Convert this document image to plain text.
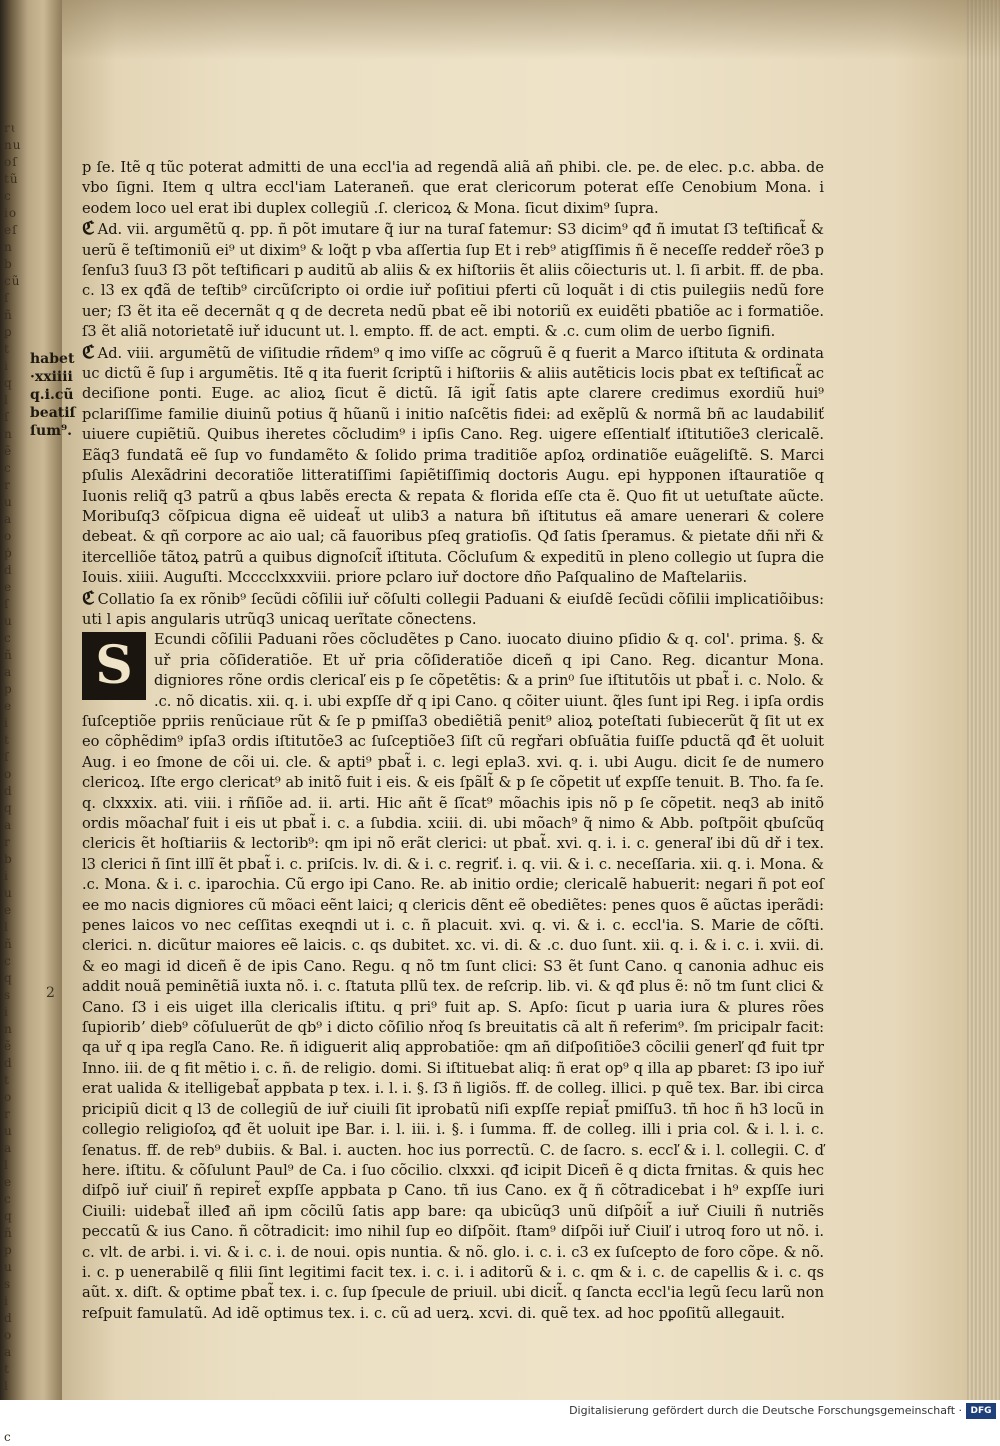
rɩ
nu
oſ
tũ
c
io
eſ
n
b
cũ
ſ
ñ
ꝑ
t
i
q
l
ſ
n
ẽ
c
r
u
a
o
ṗ
d
e
ſ
u
c
ñ
a
p
e
i
t
ſ
o
d
q
a
r
b
i
u
e
l
ñ
c
q
s
i
n
ẽ
d
t
o
r
u
a
l
e
c
q
ñ
p
u
s
i
d
o
a
t
l

c
habet ·xxiiii q.i.cũ beatiſ ſum⁹.
2

p ſe. Itẽ q tũc poterat admitti de una eccl'ia ad regendã aliã añ phibi. cle. pe. de elec. p.c. abba. de vbo ſigni. Item q ultra eccl'iam Lateraneñ. que erat clericorum poterat eſſe Cenobium Mona. i eodem loco uel erat ibi duplex collegiũ .ſ. clericoꝝ & Mona. ſicut dixim⁹ ſupra.

ℭ Ad. vii. argumẽtũ q. pp. ñ põt imutare q̃ iur na turaſ fatemur: S3 dicim⁹ qđ ñ imutat ſ3 teſtificat̃ & uerũ ẽ teſtimoniũ ei⁹ ut dixim⁹ & loq̃t p vba aſſertia ſup Et i reb⁹ atigſſimis ñ ẽ neceſſe reddeř rõe3 p ſenſu3 ſuu3 ſ3 põt teſtificari p auditũ ab aliis & ex hiſtoriis ẽt aliis cõiecturis ut. l. ſi arbit. ff. de pba. c. l3 ex qđã de teſtib⁹ circũſcripto oi ordie iuř poſitiui pferti cũ loquãt i di ctis puilegiis nedũ fore uer; ſ3 ẽt ita eẽ decernãt q q de decreta nedũ pbat eẽ ibi notoriũ ex euidẽti pbatiõe ac i formatiõe. ſ3 ẽt aliã notorietatẽ iuř iducunt ut. l. empto. ff. de act. empti. & .c. cum olim de uerbo ſignifi.

ℭ Ad. viii. argumẽtũ de viſitudie rñdem⁹ q imo viſſe ac cõgruũ ẽ q fuerit a Marco iſtituta & ordinata uc dictũ ẽ ſup i argumẽtis. Itẽ q ita fuerit ſcriptũ i hiſtoriis & aliis autẽticis locis pbat ex teſtificat̃ ac deciſione ponti. Euge. ac alioꝝ ſicut ẽ dictũ. Iã igit̃ ſatis apte clarere credimus exordiũ hui⁹ pclariſſime familie diuinũ potius q̃ hũanũ i initio naſcẽtis fidei: ad exẽplũ & normã bñ ac laudabiliť uiuere cupiẽtiũ. Quibus iheretes cõcludim⁹ i ipſis Cano. Reg. uigere eſſentialť iſtitutiõe3 clericalẽ. Eãq3 fundatã eẽ ſup vo fundamẽto & ſolido prima traditiõe apſoꝝ ordinatiõe euãgeliſtẽ. S. Marci pſulis Alexãdrini decoratiõe litteratiſſimi ſapiẽtiſſimiq doctoris Augu. epi hypponen iſtauratiõe q Iuonis reliq̃ q3 patrũ a qbus labẽs erecta & repata & florida eſſe cta ẽ. Quo fit ut uetuſtate aũcte. Moribuſq3 cõſpicua digna eẽ uideat̃ ut ulib3 a natura bñ iſtitutus eã amare uenerari & colere debeat. & qñ corpore ac aio ual; cã fauoribus pſeq gratioſis. Qđ ſatis ſperamus. & pietate dñi nři & itercelliõe tãtoꝝ patrũ a quibus dignoſcit̃ iſtituta. Cõcluſum & expeditũ in pleno collegio ut ſupra die Iouis. xiiii. Auguſti. Mcccclxxxviii. priore pclaro iuř doctore dño Paſqualino de Maſtelariis.

ℭ Collatio ſa ex rõnib⁹ ſecũdi cõſilii iuř cõſulti collegii Paduani & eiuſdẽ ſecũdi cõſilii implicatiõibus: uti l apis angularis utrũq3 unicaq uerĩtate cõnectens.

S Ecundi cõſilii Paduani rões cõcludẽtes p Cano. iuocato diuino pſidio & q. col'. prima. §. & uř pria cõſideratiõe. Et uř pria cõſideratiõe diceñ q ipi Cano. Reg. dicantur Mona. digniores rõne ordis clericaľ eis p ſe cõpetẽtis: & a prin⁰ ſue iſtitutõis ut pbat̃ i. c. Nolo. & .c. nõ dicatis. xii. q. i. ubi expſſe dř q ipi Cano. q cõiter uiunt. q̃les ſunt ipi Reg. i ipſa ordis ſuſceptiõe ppriis renũciaue rũt & ſe p pmiſſa3 obediẽtiã penit⁹ alioꝝ poteſtati ſubiecerũt q̃ ſit ut ex eo cõphẽdim⁹ ipſa3 ordis iſtitutõe3 ac ſuſceptiõe3 ſiſt cũ regřari obſuãtia fuiſſe pductã qđ ẽt uoluit Aug. i eo ſmone de cõi ui. cle. & apti⁹ pbat̃ i. c. legi epla3. xvi. q. i. ubi Augu. dicit ſe de numero clericoꝝ. Iſte ergo clericat⁹ ab initõ fuit i eis. & eis ſpãlt̃ & p ſe cõpetit uť expſſe tenuit. B. Tho. fa ſe. q. clxxxix. ati. viii. i rñſiõe ad. ii. arti. Hic añt ẽ ſĩcat⁹ mõachis ipis nõ p ſe cõpetit. neq3 ab initõ ordis mõachaľ fuit i eis ut pbat̃ i. c. a ſubdia. xciii. di. ubi mõach⁹ q̃ nimo & Abb. poſtpõit qbuſcũq clericis ẽt hoſtiariis & lectorib⁹: qm ipi nõ erãt clerici: ut pbat̃. xvi. q. i. i. c. generaľ ibi dũ dř i tex. l3 clerici ñ ſint illĩ ẽt pbat̃ i. c. priſcis. lv. di. & i. c. regriť. i. q. vii. & i. c. neceſſaria. xii. q. i. Mona. & .c. Mona. & i. c. iparochia. Cũ ergo ipi Cano. Re. ab initio ordie; clericalẽ habuerit: negari ñ pot eoſ ee mo nacis digniores cũ mõaci eẽnt laici; q clericis dẽnt eẽ obediẽtes: penes quos ẽ aũctas iperãdi: penes laicos vo nec ceſſitas exeqndi ut i. c. ñ placuit. xvi. q. vi. & i. c. eccl'ia. S. Marie de cõſti. clerici. n. dicũtur maiores eẽ laicis. c. qs dubitet. xc. vi. di. & .c. duo ſunt. xii. q. i. & i. c. i. xvii. di. & eo magi id diceñ ẽ de ipis Cano. Regu. q nõ tm ſunt clici: S3 ẽt ſunt Cano. q canonia adhuc eis addit nouã peminẽtiã iuxta nõ. i. c. ſtatuta pllũ tex. de reſcrip. lib. vi. & qđ plus ẽ: nõ tm ſunt clici & Cano. ſ3 i eis uiget illa clericalis iſtitu. q pri⁹ fuit ap. S. Apſo: ſicut p uaria iura & plures rões ſupioribʼ dieb⁹ cõſuluerũt de qb⁹ i dicto cõſilio nřoq ſs breuitatis cã alt ñ referim⁹. ſm pricipalr facit: qa uř q ipa regľa Cano. Re. ñ idiguerit aliq approbatiõe: qm añ diſpoſitiõe3 cõcilii generľ qđ fuit tpr Inno. iii. de q fit mẽtio i. c. ñ. de religio. domi. Si iſtituebat aliq: ñ erat op⁹ q illa ap pbaret: ſ3 ipo iuř erat ualida & itelligebat̃ appbata p tex. i. l. i. §. ſ3 ñ ligiõs. ff. de colleg. illici. p quẽ tex. Bar. ibi circa pricipiũ dicit q l3 de collegiũ de iuř ciuili ſit iprobatũ niſi expſſe repiat̃ pmiſſu3. tñ hoc ñ h3 locũ in collegio religioſoꝝ qđ ẽt uoluit ipe Bar. i. l. iii. i. §. i ſumma. ff. de colleg. illi i pria col. & i. l. i. c. ſenatus. ff. de reb⁹ dubiis. & Bal. i. aucten. hoc ius porrectũ. C. de ſacro. s. eccľ & i. l. collegii. C. ď here. iſtitu. & cõſulunt Paul⁹ de Ca. i ſuo cõcilio. clxxxi. qđ icipit Diceñ ẽ q dicta frnitas. & quis hec diſpõ iuř ciuiľ ñ repiret̃ expſſe appbata p Cano. tñ ius Cano. ex q̃ ñ cõtradicebat i h⁹ expſſe iuri Ciuili: uidebat̃ illeđ añ ipm cõcilũ ſatis app bare: qa ubicũq3 unũ diſpõit̃ a iuř Ciuili ñ nutriẽs peccatũ & ius Cano. ñ cõtradicit: imo nihil ſup eo diſpõit. ſtam⁹ diſpõi iuř Ciuiľ i utroq foro ut nõ. i. c. vlt. de arbi. i. vi. & i. c. i. de noui. opis nuntia. & nõ. glo. i. c. i. c3 ex ſuſcepto de foro cõpe. & nõ. i. c. p uenerabilẽ q filii ſint legitimi facit tex. i. c. i. i aditorũ & i. c. qm & i. c. de capellis & i. c. qs aũt. x. diſt. & optime pbat̃ tex. i. c. ſup ſpecule de priuil. ubi dicit̃. q ſancta eccl'ia legũ ſecu larũ non reſpuit famulatũ. Ad idẽ optimus tex. i. c. cũ ad uerꝝ. xcvi. di. quẽ tex. ad hoc pꝑoſitũ allegauit.

Digitalisierung gefördert durch die Deutsche Forschungsgemeinschaft · DFG
